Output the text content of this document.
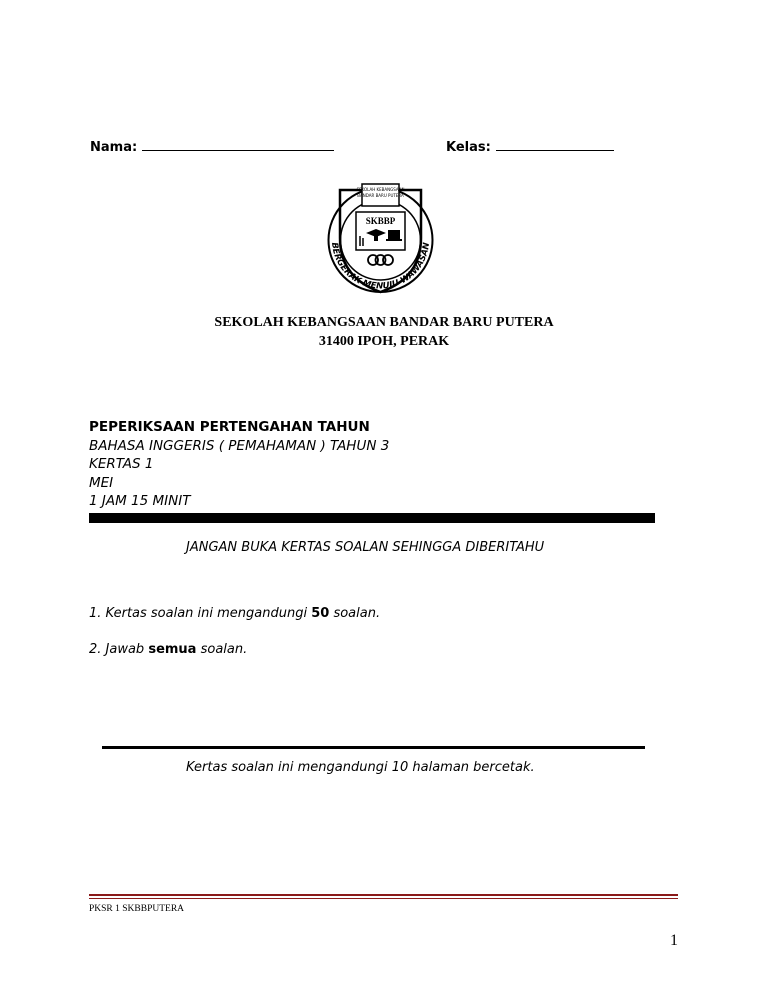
Nama:	Kelas:
SEKOLAH KEBANGSAAN
BANDAR BARU PUTERA
SKBBP
BERGERAK MENUJU WAWASAN
SEKOLAH KEBANGSAAN BANDAR BARU PUTERA
31400 IPOH, PERAK
PEPERIKSAAN PERTENGAHAN TAHUN
BAHASA INGGERIS ( PEMAHAMAN ) TAHUN 3
KERTAS 1
MEI
1 JAM 15 MINIT
JANGAN BUKA KERTAS SOALAN SEHINGGA DIBERITAHU
1. Kertas soalan ini mengandungi 50 soalan.
2. Jawab semua soalan.
Kertas soalan ini mengandungi 10 halaman bercetak.
PKSR 1 SKBBPUTERA
1
